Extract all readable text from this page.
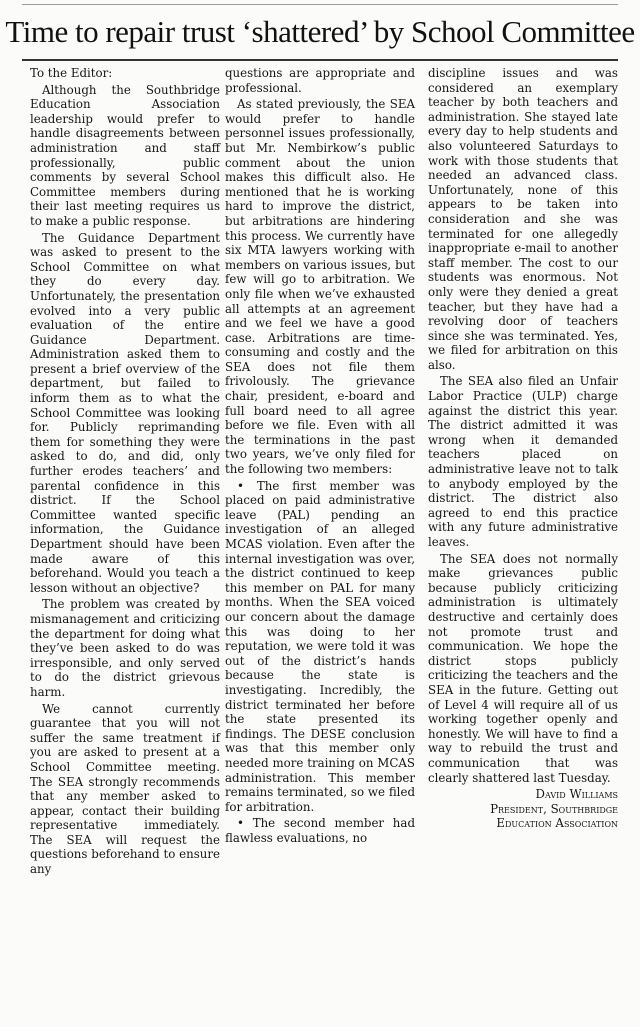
Time to repair trust ‘shattered’ by School Committee

To the Editor:

Although the Southbridge Education Association leadership would prefer to handle disagreements between administration and staff professionally, public comments by several School Committee members during their last meeting requires us to make a public response.

The Guidance Department was asked to present to the School Committee on what they do every day. Unfortunately, the presentation evolved into a very public evaluation of the entire Guidance Department. Administration asked them to present a brief overview of the department, but failed to inform them as to what the School Committee was looking for. Publicly reprimanding them for something they were asked to do, and did, only further erodes teachers’ and parental confidence in this district. If the School Committee wanted specific information, the Guidance Department should have been made aware of this beforehand. Would you teach a lesson without an objective?

The problem was created by mismanagement and criticizing the department for doing what they’ve been asked to do was irresponsible, and only served to do the district grievous harm.

We cannot currently guarantee that you will not suffer the same treatment if you are asked to present at a School Committee meeting. The SEA strongly recommends that any member asked to appear, contact their building representative immediately. The SEA will request the questions beforehand to ensure any

questions are appropriate and professional.

As stated previously, the SEA would prefer to handle personnel issues professionally, but Mr. Nembirkow’s public comment about the union makes this difficult also. He mentioned that he is working hard to improve the district, but arbitrations are hindering this process. We currently have six MTA lawyers working with members on various issues, but few will go to arbitration. We only file when we’ve exhausted all attempts at an agreement and we feel we have a good case. Arbitrations are time-consuming and costly and the SEA does not file them frivolously. The grievance chair, president, e-board and full board need to all agree before we file. Even with all the terminations in the past two years, we’ve only filed for the following two members:

• The first member was placed on paid administrative leave (PAL) pending an investigation of an alleged MCAS violation. Even after the internal investigation was over, the district continued to keep this member on PAL for many months. When the SEA voiced our concern about the damage this was doing to her reputation, we were told it was out of the district’s hands because the state is investigating. Incredibly, the district terminated her before the state presented its findings. The DESE conclusion was that this member only needed more training on MCAS administration. This member remains terminated, so we filed for arbitration.

• The second member had flawless evaluations, no

discipline issues and was considered an exemplary teacher by both teachers and administration. She stayed late every day to help students and also volunteered Saturdays to work with those students that needed an advanced class. Unfortunately, none of this appears to be taken into consideration and she was terminated for one allegedly inappropriate e-mail to another staff member. The cost to our students was enormous. Not only were they denied a great teacher, but they have had a revolving door of teachers since she was terminated. Yes, we filed for arbitration on this also.

The SEA also filed an Unfair Labor Practice (ULP) charge against the district this year. The district admitted it was wrong when it demanded teachers placed on administrative leave not to talk to anybody employed by the district. The district also agreed to end this practice with any future administrative leaves.

The SEA does not normally make grievances public because publicly criticizing administration is ultimately destructive and certainly does not promote trust and communication. We hope the district stops publicly criticizing the teachers and the SEA in the future. Getting out of Level 4 will require all of us working together openly and honestly. We will have to find a way to rebuild the trust and communication that was clearly shattered last Tuesday.

David Williams
President, Southbridge
Education Association
